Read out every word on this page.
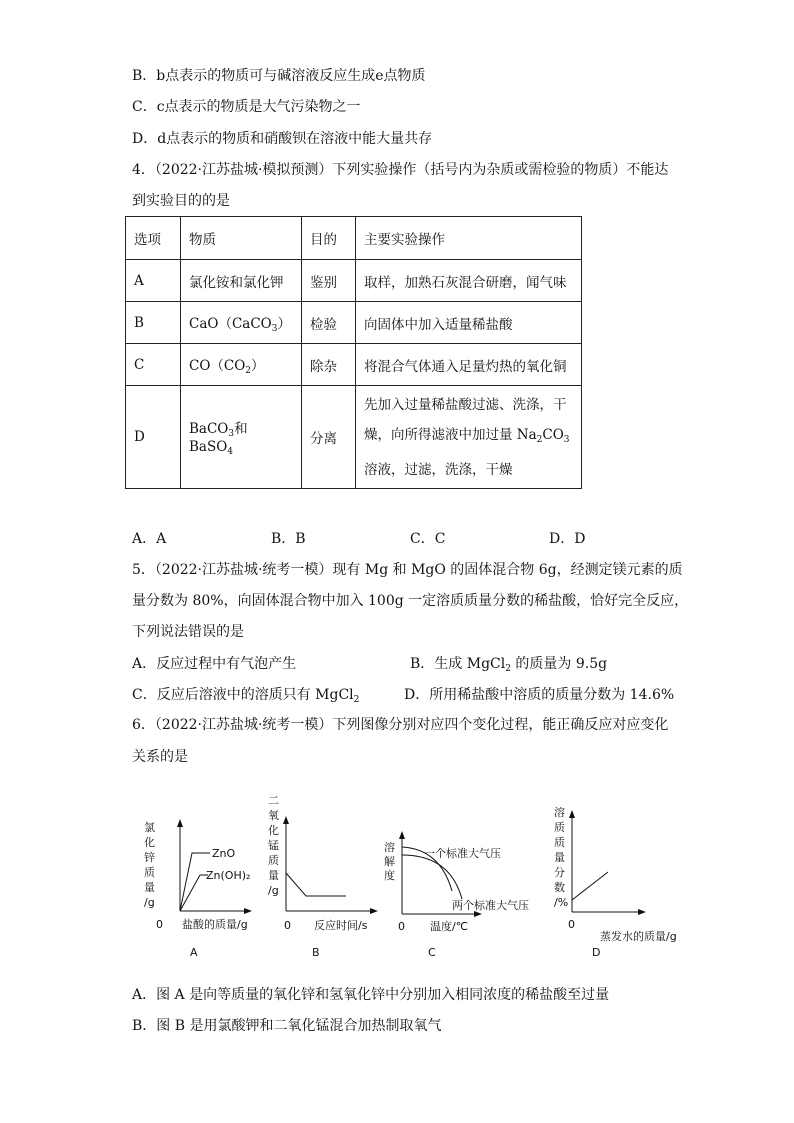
B．b点表示的物质可与碱溶液反应生成e点物质
C．c点表示的物质是大气污染物之一
D．d点表示的物质和硝酸钡在溶液中能大量共存
4．（2022·江苏盐城·模拟预测）下列实验操作（括号内为杂质或需检验的物质）不能达
到实验目的的是
选项	物质	目的	主要实验操作
A	氯化铵和氯化钾	鉴别	取样，加熟石灰混合研磨，闻气味
B	CaO（CaCO$_3$）	检验	向固体中加入适量稀盐酸
C	$CO(CO_2)$	除杂	将混合气体通入足量灼热的氧化铜
D	BaCO$_3$和 BaSO$_4$	分离	先加入过量稀盐酸过滤、洗涤，干
燥，向所得滤液中加过量 $Na_2CO_3$
溶液，过滤，洗涤，干燥
A．A	B．B	C．C	D．D
5．（2022·江苏盐城·统考一模）现有 Mg 和 MgO 的固体混合物 6g，经测定镁元素的质
量分数为 80%，向固体混合物中加入 100g 一定溶质质量分数的稀盐酸，恰好完全反应，
下列说法错误的是
A．反应过程中有气泡产生	B．生成 MgCl$_2$ 的质量为 9.5g
C．反应后溶液中的溶质只有 MgCl$_2$	D．所用稀盐酸中溶质的质量分数为 14.6%
6．（2022·江苏盐城·统考一模）下列图像分别对应四个变化过程，能正确反应对应变化
关系的是
氯
化
锌
质
量
/g
ZnO
Zn(OH)₂
0 盐酸的质量/g
A
二
氧
化
锰
质
量
/g
0 反应时间/s
B
溶
解
度
一个标准大气压
两个标准大气压
0 温度/℃
C
溶
质
质
量
分
数
/%
0
蒸发水的质量/g
D
A．图 A 是向等质量的氧化锌和氢氧化锌中分别加入相同浓度的稀盐酸至过量
B．图 B 是用氯酸钾和二氧化锰混合加热制取氧气
